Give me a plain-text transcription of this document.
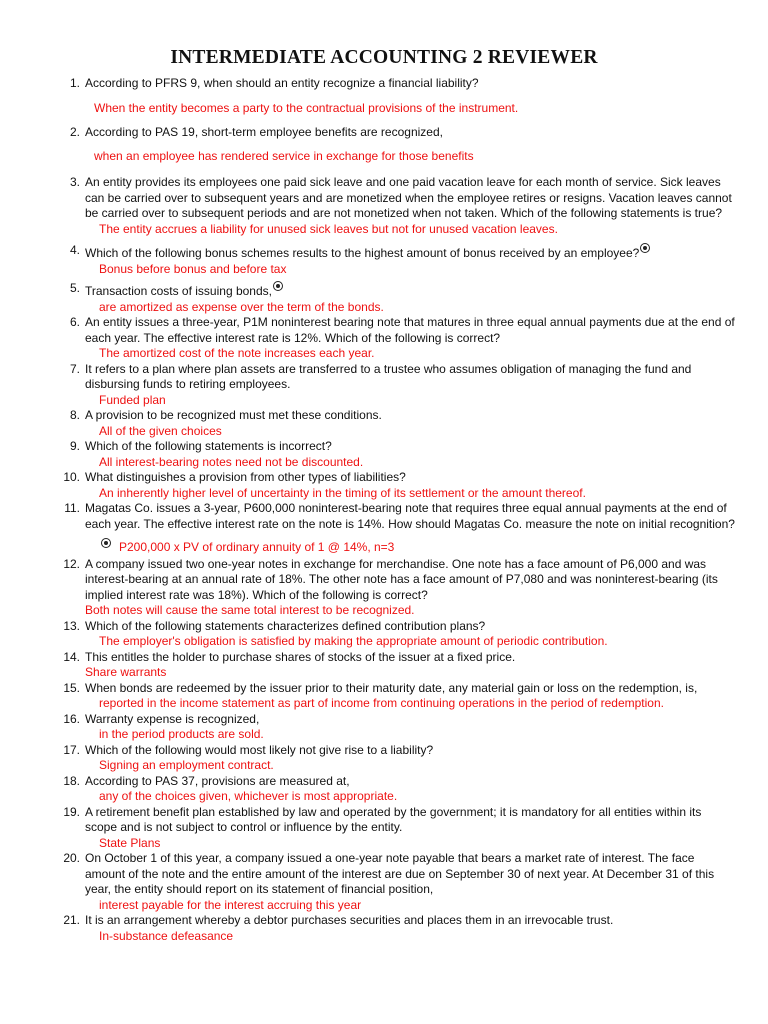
INTERMEDIATE ACCOUNTING 2 REVIEWER
1. According to PFRS 9, when should an entity recognize a financial liability?
When the entity becomes a party to the contractual provisions of the instrument.
2. According to PAS 19, short-term employee benefits are recognized,
when an employee has rendered service in exchange for those benefits
3. An entity provides its employees one paid sick leave and one paid vacation leave for each month of service. Sick leaves can be carried over to subsequent years and are monetized when the employee retires or resigns. Vacation leaves cannot be carried over to subsequent periods and are not monetized when not taken. Which of the following statements is true?
The entity accrues a liability for unused sick leaves but not for unused vacation leaves.
4. Which of the following bonus schemes results to the highest amount of bonus received by an employee?
Bonus before bonus and before tax
5. Transaction costs of issuing bonds,
are amortized as expense over the term of the bonds.
6. An entity issues a three-year, P1M noninterest bearing note that matures in three equal annual payments due at the end of each year. The effective interest rate is 12%. Which of the following is correct?
The amortized cost of the note increases each year.
7. It refers to a plan where plan assets are transferred to a trustee who assumes obligation of managing the fund and disbursing funds to retiring employees.
Funded plan
8. A provision to be recognized must met these conditions.
All of the given choices
9. Which of the following statements is incorrect?
All interest-bearing notes need not be discounted.
10. What distinguishes a provision from other types of liabilities?
An inherently higher level of uncertainty in the timing of its settlement or the amount thereof.
11. Magatas Co. issues a 3-year, P600,000 noninterest-bearing note that requires three equal annual payments at the end of each year. The effective interest rate on the note is 14%. How should Magatas Co. measure the note on initial recognition?
P200,000 x PV of ordinary annuity of 1 @ 14%, n=3
12. A company issued two one-year notes in exchange for merchandise. One note has a face amount of P6,000 and was interest-bearing at an annual rate of 18%. The other note has a face amount of P7,080 and was noninterest-bearing (its implied interest rate was 18%). Which of the following is correct?
Both notes will cause the same total interest to be recognized.
13. Which of the following statements characterizes defined contribution plans?
The employer's obligation is satisfied by making the appropriate amount of periodic contribution.
14. This entitles the holder to purchase shares of stocks of the issuer at a fixed price.
Share warrants
15. When bonds are redeemed by the issuer prior to their maturity date, any material gain or loss on the redemption, is,
reported in the income statement as part of income from continuing operations in the period of redemption.
16. Warranty expense is recognized,
in the period products are sold.
17. Which of the following would most likely not give rise to a liability?
Signing an employment contract.
18. According to PAS 37, provisions are measured at,
any of the choices given, whichever is most appropriate.
19. A retirement benefit plan established by law and operated by the government; it is mandatory for all entities within its scope and is not subject to control or influence by the entity.
State Plans
20. On October 1 of this year, a company issued a one-year note payable that bears a market rate of interest. The face amount of the note and the entire amount of the interest are due on September 30 of next year. At December 31 of this year, the entity should report on its statement of financial position,
interest payable for the interest accruing this year
21. It is an arrangement whereby a debtor purchases securities and places them in an irrevocable trust.
In-substance defeasance
